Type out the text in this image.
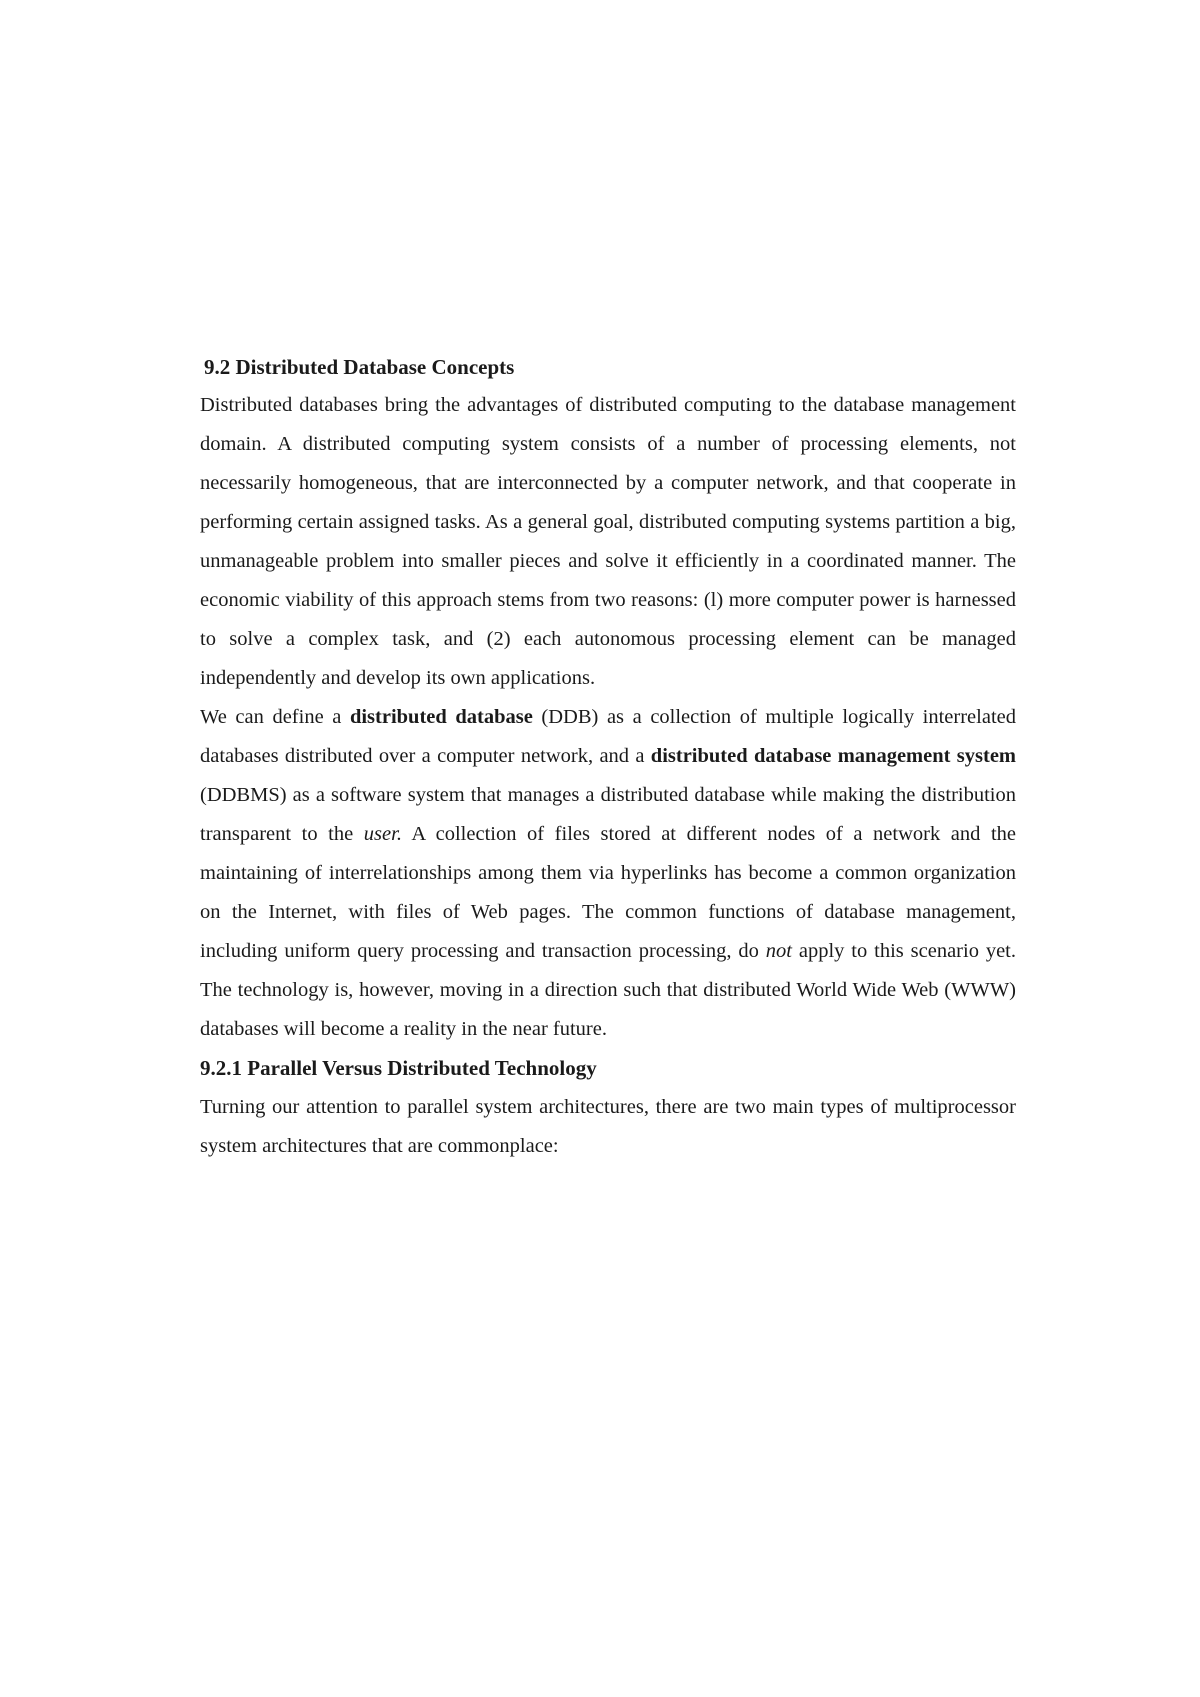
9.2 Distributed Database Concepts

Distributed databases bring the advantages of distributed computing to the database management domain. A distributed computing system consists of a number of processing elements, not necessarily homogeneous, that are interconnected by a computer network, and that cooperate in performing certain assigned tasks. As a general goal, distributed computing systems partition a big, unmanageable problem into smaller pieces and solve it efficiently in a coordinated manner. The economic viability of this approach stems from two reasons: (l) more computer power is harnessed to solve a complex task, and (2) each autonomous processing element can be managed independently and develop its own applications.

We can define a distributed database (DDB) as a collection of multiple logically interrelated databases distributed over a computer network, and a distributed database management system (DDBMS) as a software system that manages a distributed database while making the distribution transparent to the user. A collection of files stored at different nodes of a network and the maintaining of interrelationships among them via hyperlinks has become a common organization on the Internet, with files of Web pages. The common functions of database management, including uniform query processing and transaction processing, do not apply to this scenario yet. The technology is, however, moving in a direction such that distributed World Wide Web (WWW) databases will become a reality in the near future.

9.2.1 Parallel Versus Distributed Technology

Turning our attention to parallel system architectures, there are two main types of multiprocessor system architectures that are commonplace:
